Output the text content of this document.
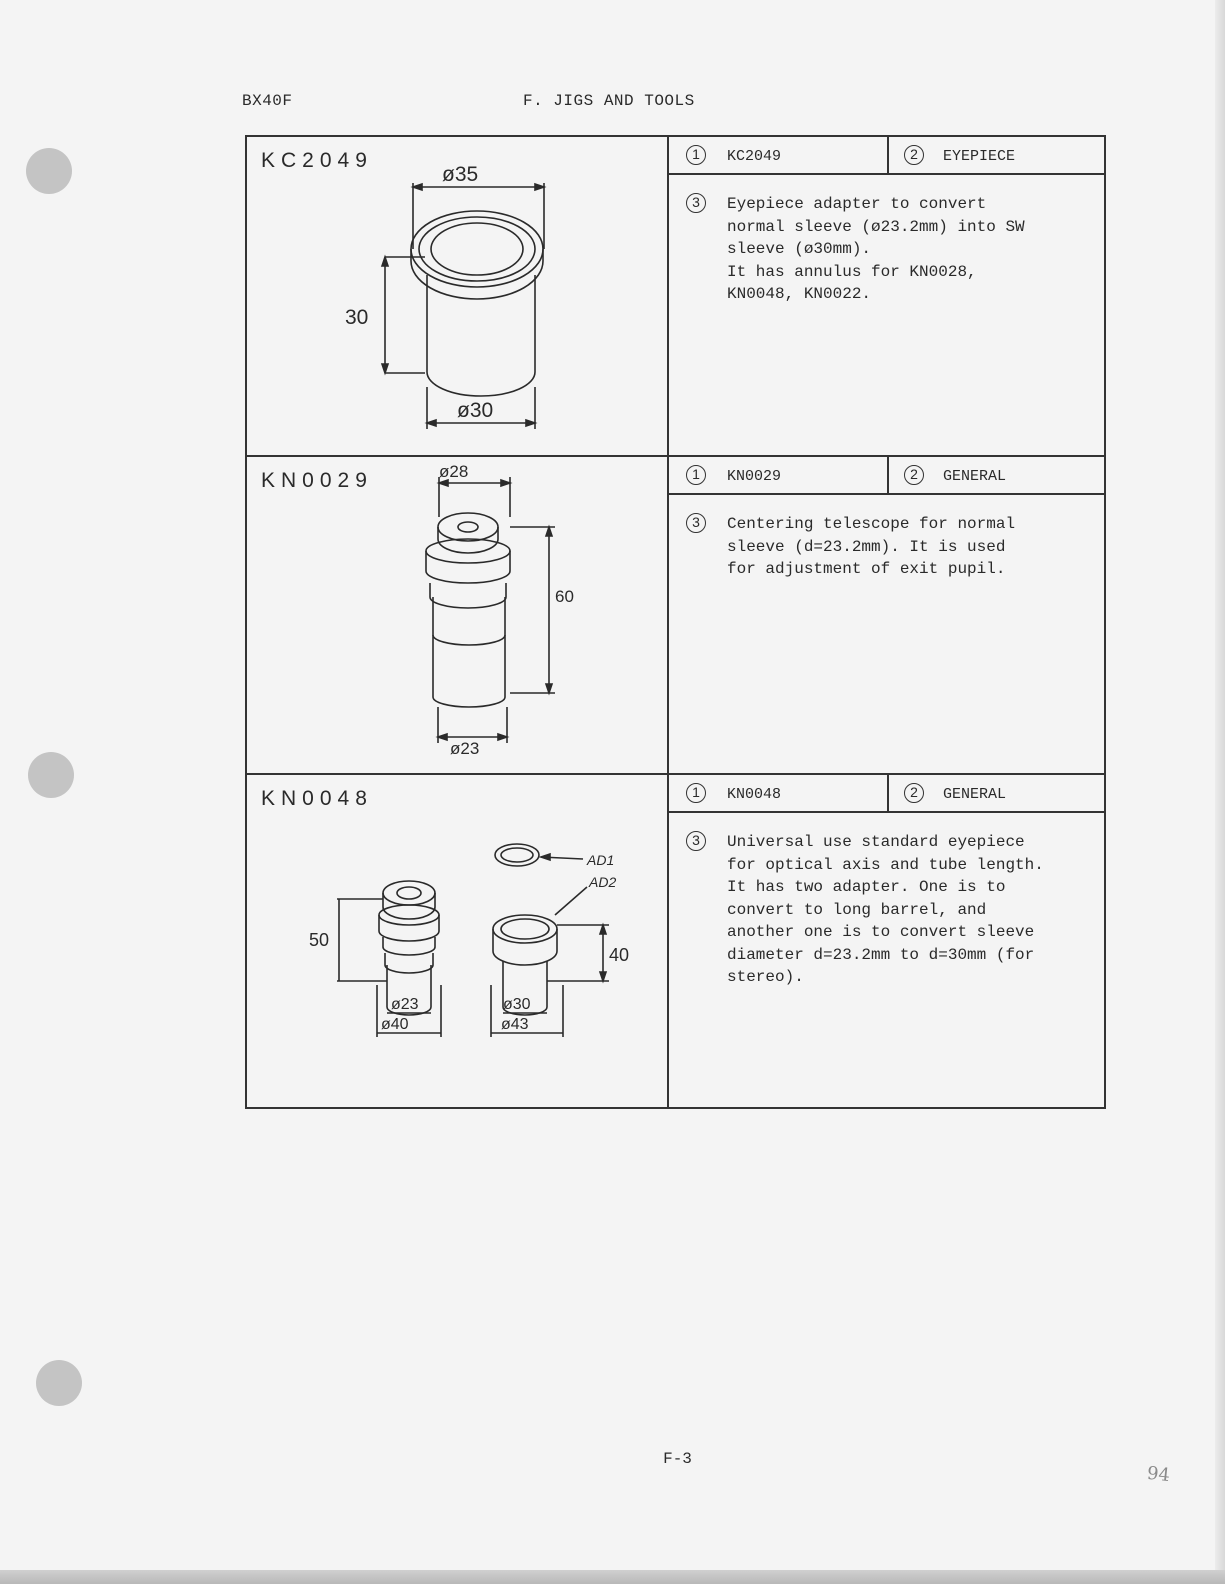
BX40F	F. JIGS AND TOOLS
KC2049
ø35
30
ø30
1	KC2049	2	EYEPIECE
3	Eyepiece adapter to convert
normal sleeve (ø23.2mm) into SW
sleeve (ø30mm).
It has annulus for KN0028,
KN0048, KN0022.

KN0029	ø28
60
ø23
1	KN0029	2	GENERAL
3	Centering telescope for normal
sleeve (d=23.2mm). It is used
for adjustment of exit pupil.

KN0048
AD1
AD2
50
40
ø23
ø40
ø30
ø43
1	KN0048	2	GENERAL
3	Universal use standard eyepiece
for optical axis and tube length.
It has two adapter. One is to
convert to long barrel, and
another one is to convert sleeve
diameter d=23.2mm to d=30mm (for
stereo).

F-3
94
